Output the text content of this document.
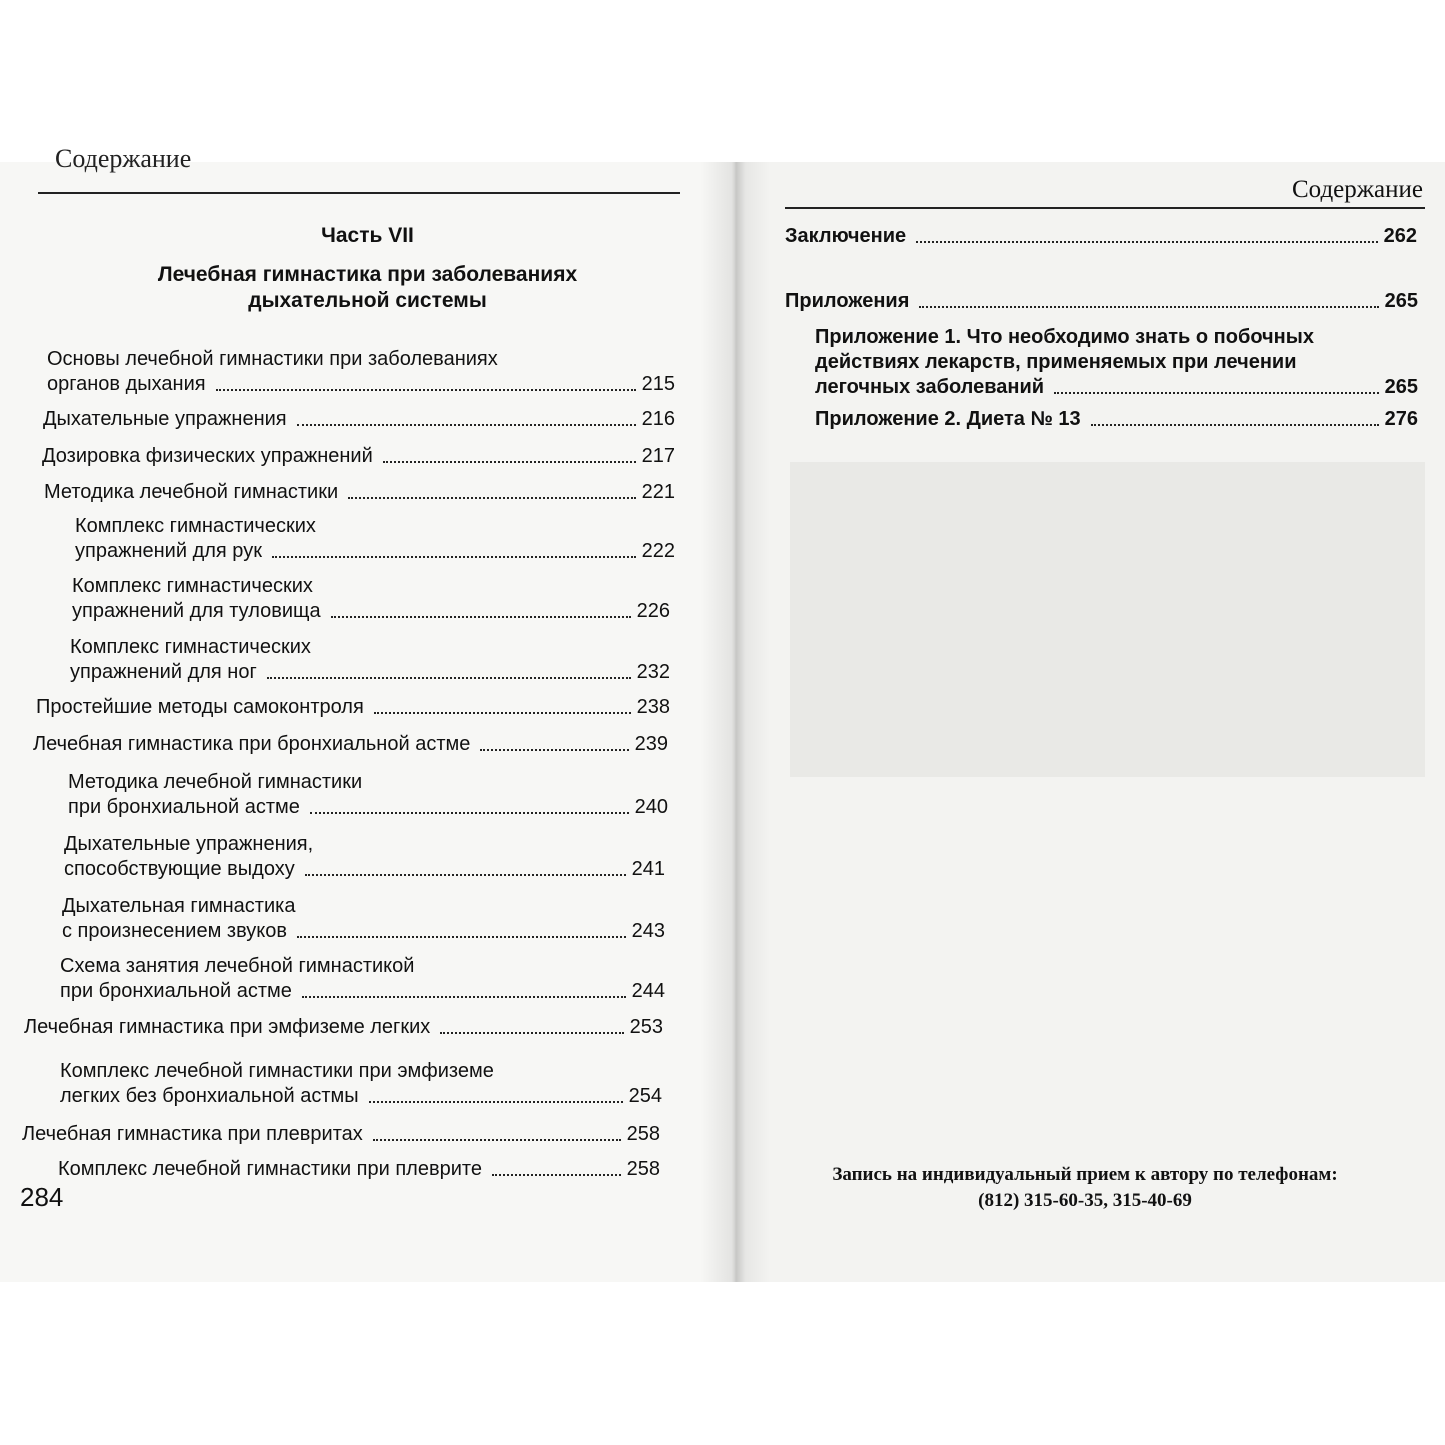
Содержание
Часть VII
Лечебная гимнастика при заболеваниях
дыхательной системы
Основы лечебной гимнастики при заболеваниях
органов дыхания	215
Дыхательные упражнения	216
Дозировка физических упражнений	217
Методика лечебной гимнастики	221
Комплекс гимнастических
упражнений для рук	222
Комплекс гимнастических
упражнений для туловища	226
Комплекс гимнастических
упражнений для ног	232
Простейшие методы самоконтроля	238
Лечебная гимнастика при бронхиальной астме	239
Методика лечебной гимнастики
при бронхиальной астме	240
Дыхательные упражнения,
способствующие выдоху	241
Дыхательная гимнастика
с произнесением звуков	243
Схема занятия лечебной гимнастикой
при бронхиальной астме	244
Лечебная гимнастика при эмфиземе легких	253
Комплекс лечебной гимнастики при эмфиземе
легких без бронхиальной астмы	254
Лечебная гимнастика при плевритах	258
Комплекс лечебной гимнастики при плеврите	258
284
Содержание
Заключение	262
Приложения	265
Приложение 1. Что необходимо знать о побочных
действиях лекарств, применяемых при лечении
легочных заболеваний	265
Приложение 2. Диета № 13	276
Запись на индивидуальный прием к автору по телефонам:
(812) 315-60-35, 315-40-69
